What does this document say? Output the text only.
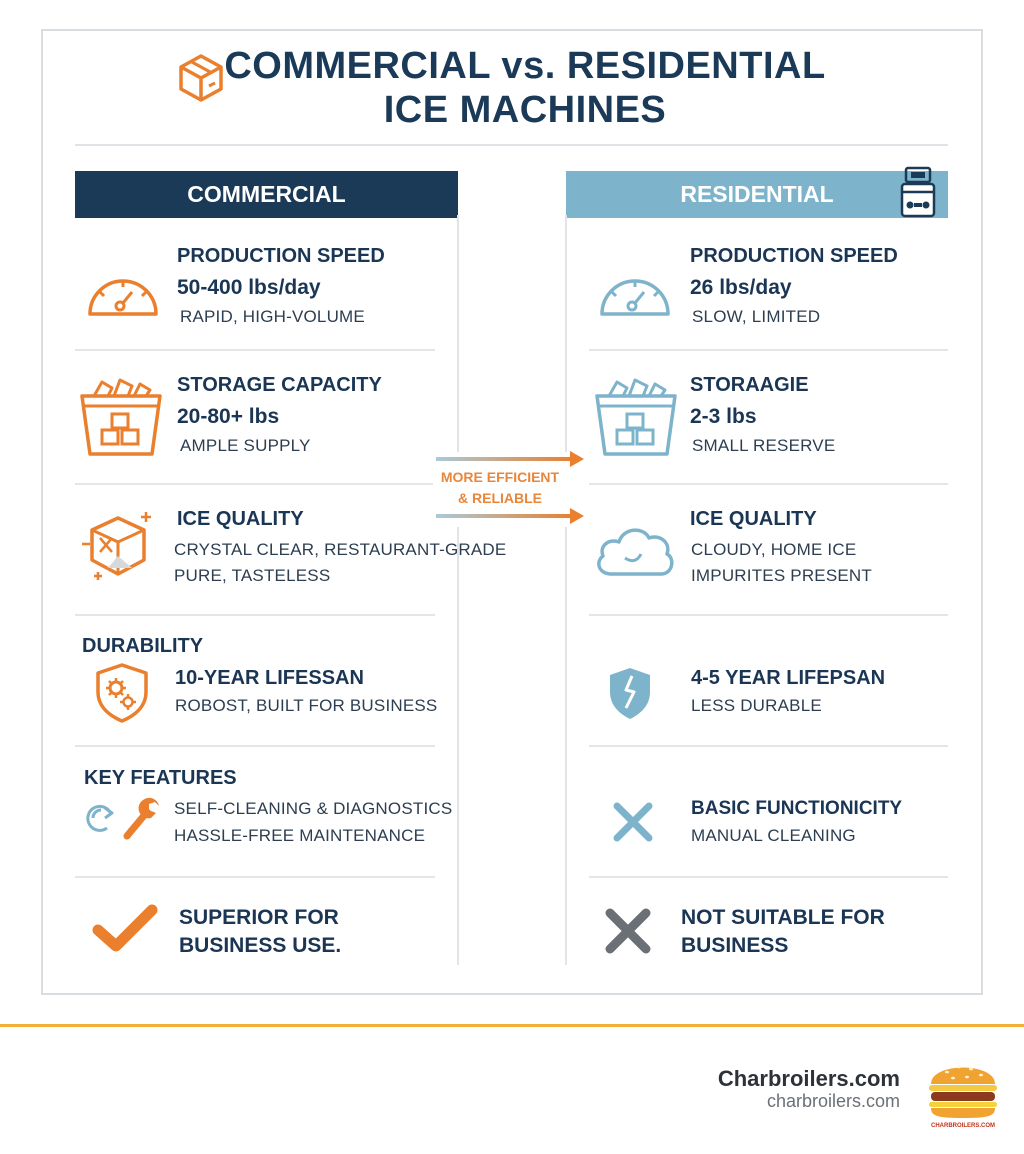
COMMERCIAL vs. RESIDENTIAL
ICE MACHINES
COMMERCIAL	RESIDENTIAL
PRODUCTION SPEED
50-400 lbs/day
RAPID, HIGH-VOLUME
STORAGE CAPACITY
20-80+ lbs
AMPLE SUPPLY
ICE QUALITY
CRYSTAL CLEAR, RESTAURANT-GRADE
PURE, TASTELESS
DURABILITY
10-YEAR LIFESSAN
ROBOST, BUILT FOR BUSINESS
KEY FEATURES
SELF-CLEANING & DIAGNOSTICS
HASSLE-FREE MAINTENANCE
SUPERIOR FOR
BUSINESS USE.
MORE EFFICIENT
& RELIABLE
PRODUCTION SPEED
26 lbs/day
SLOW, LIMITED
STORAAGIE
2-3 lbs
SMALL RESERVE
ICE QUALITY
CLOUDY, HOME ICE
IMPURITES PRESENT
4-5 YEAR LIFEPSAN
LESS DURABLE
BASIC FUNCTIONICITY
MANUAL CLEANING
NOT SUITABLE FOR
BUSINESS
Charbroilers.com
charbroilers.com
CHARBROILERS.COM
